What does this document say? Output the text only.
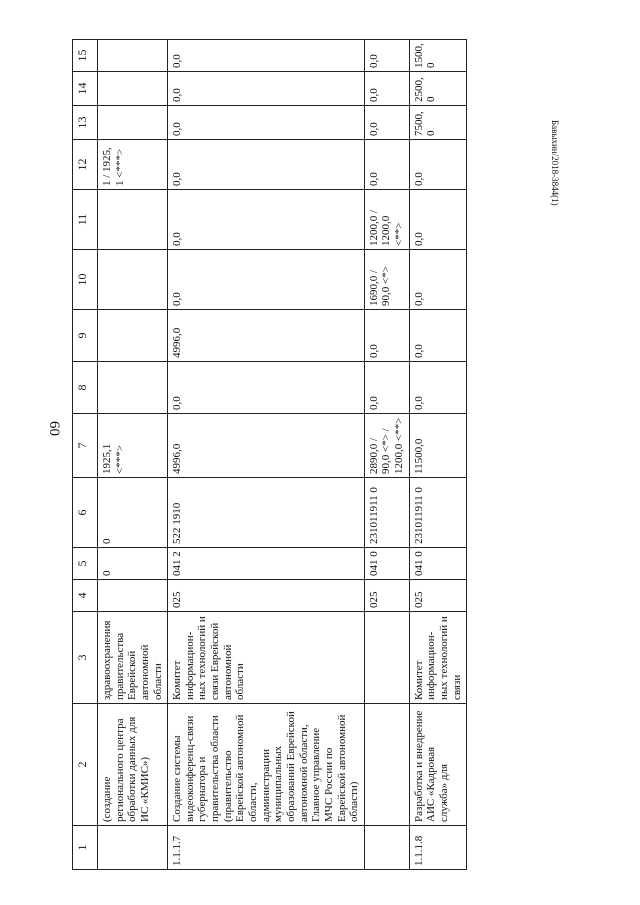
60
Бавыхин/2018-3844(1)
1	2	3	4	5	6	7	8	9	10	11	12	13	14	15
	(создание регионального центра обработки данных для ИС «КМИС»)	здравоохранения правительства Еврейской автономной области		0	0	1925,1 <***>					1 / 1925, 1 <***>			
1.1.1.7	Создание системы видеоконференц-связи губернатора и правительства области (правительство Еврейской автономной области, администрации муниципальных образований Еврейской автономной области, Главное управление МЧС России по Еврейской автономной области)	Комитет информацион-ных технологий и связи Еврейской автономной области	025	041 2	522 1910	4996,0	0,0	4996,0	0,0	0,0	0,0	0,0	0,0	0,0
			025	041 0	231011911 0	2890,0 / 90,0 <*> / 1200,0 <**>	0,0	0,0	1690,0 / 90,0 <*>	1200,0 / 1200,0 <**>	0,0	0,0	0,0	0,0
1.1.1.8	Разработка и внедрение АИС «Кадровая служба» для	Комитет информацион-ных технологий и связи	025	041 0	231011911 0	11500,0	0,0	0,0	0,0	0,0	0,0	7500, 0	2500, 0	1500, 0
